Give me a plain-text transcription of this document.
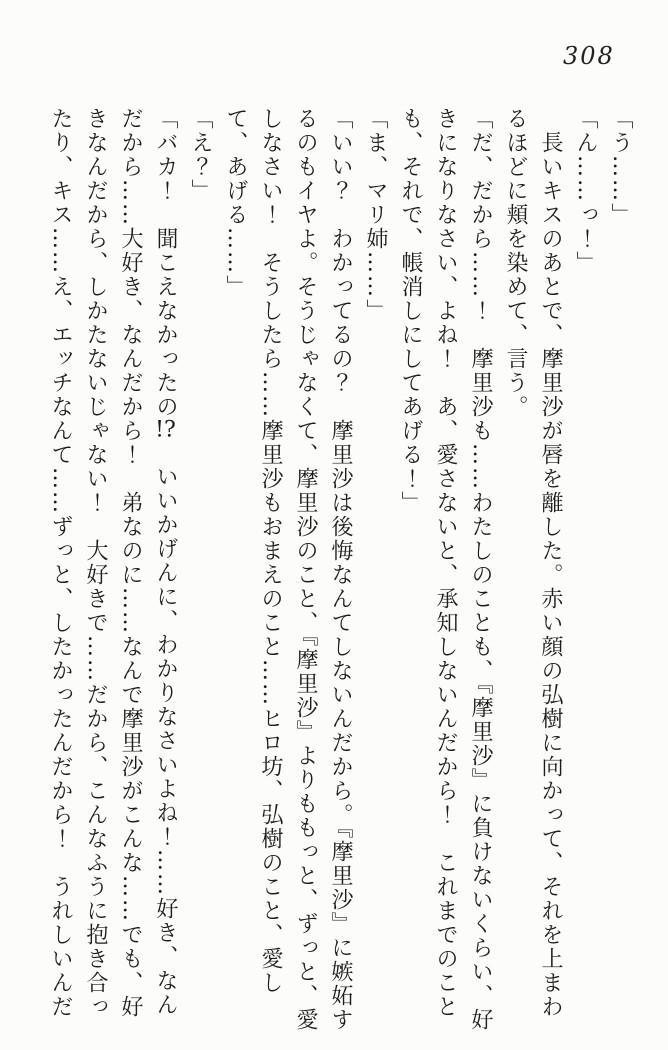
308

「う……」

「ん……っ！」

長いキスのあとで、摩里沙が唇を離した。赤い顔の弘樹に向かって、それを上まわるほどに頬を染めて、言う。

「だ、だから……！　摩里沙も……わたしのことも、『摩里沙』に負けないくらい、好きになりなさい、よね！　あ、愛さないと、承知しないんだから！　これまでのことも、それで、帳消しにしてあげる！」

「ま、マリ姉……」

「いい？　わかってるの？　摩里沙は後悔なんてしないんだから。『摩里沙』に嫉妬するのもイヤよ。そうじゃなくて、摩里沙のこと、『摩里沙』よりももっと、ずっと、愛しなさい！　そうしたら……摩里沙もおまえのこと……ヒロ坊、弘樹のこと、愛して、あげる……」

「え？」

「バカ！　聞こえなかったの!?　いいかげんに、わかりなさいよね！……好き、なんだから……大好き、なんだから！　弟なのに……なんで摩里沙がこんな……でも、好きなんだから、しかたないじゃない！　大好きで……だから、こんなふうに抱き合ったり、キス……え、エッチなんて……ずっと、したかったんだから！　うれしいんだ
